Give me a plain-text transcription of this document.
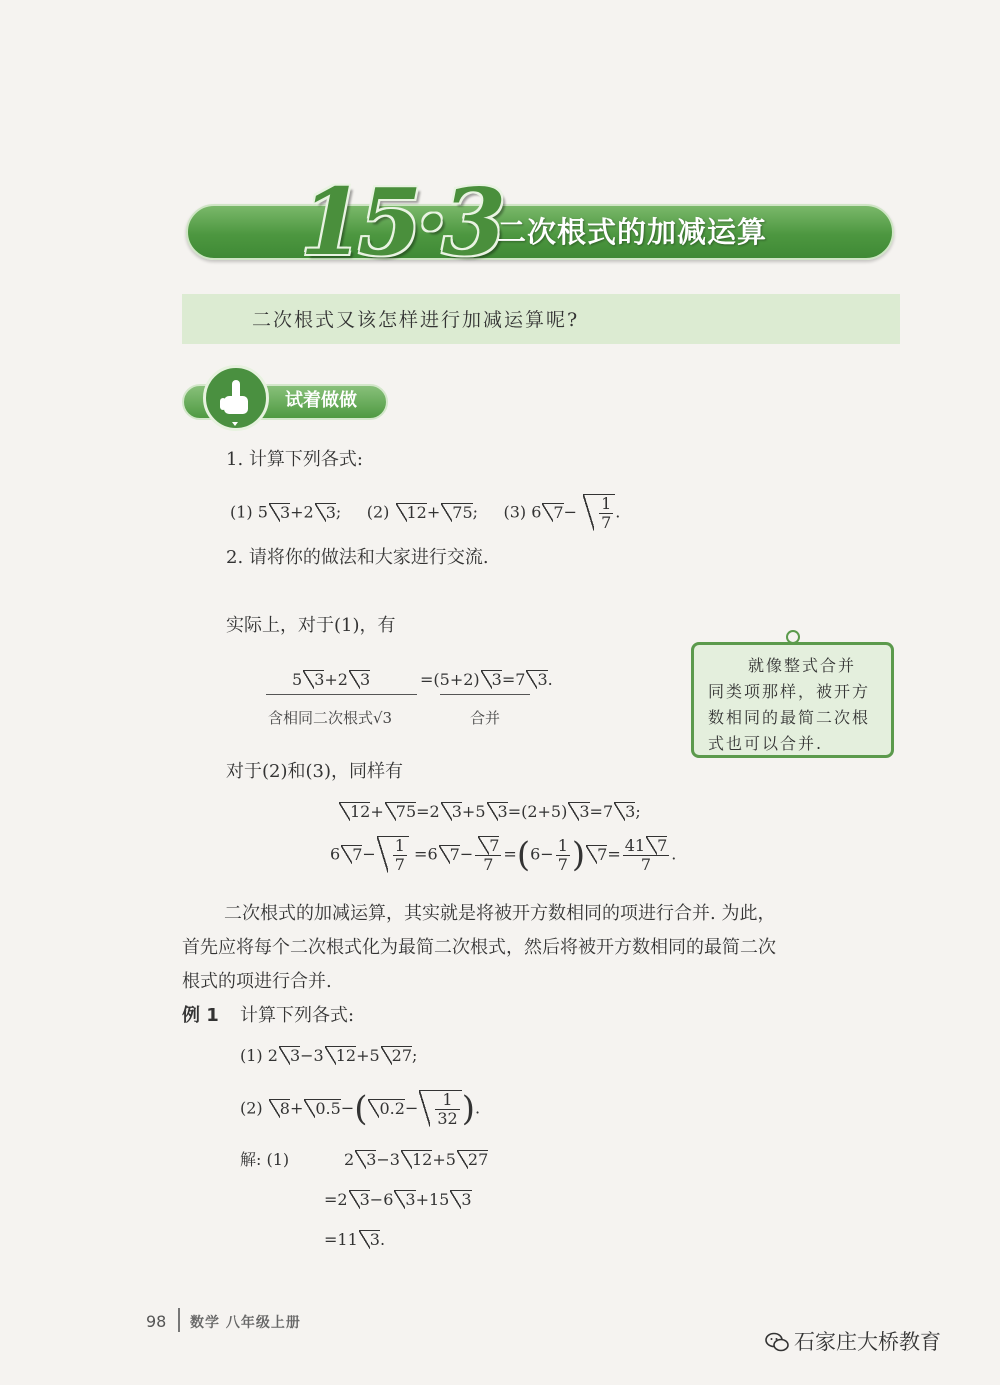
15·3
二次根式的加减运算
二次根式又该怎样进行加减运算呢?
试着做做
1. 计算下列各式:
(1) 5 3+2 3;     (2) 12+ 75;     (3) 6 $7- \frac{1}{7}$ .
2. 请将你的做法和大家进行交流.
实际上，对于(1)，有
5 3+2 3	=(5+2) 3=7 3.
含相同二次根式√3	合并
就像整式合并
同类项那样，被开方
数相同的最简二次根
式也可以合并.
对于(2)和(3)，同样有
12+ 75=2 3+5 3=(2+5) 3=7 3;
6 $7- \frac{1}{7} =6$ $7- \frac{7}{7} =(6- \frac{1}{7}$ ) $7= \frac{41 7}{7}$ .
二次根式的加减运算，其实就是将被开方数相同的项进行合并. 为此，
首先应将每个二次根式化为最简二次根式，然后将被开方数相同的最简二次
根式的项进行合并.
例 1 计算下列各式:
(1) 2 3−3 12+5 27;
(2) 8+ 0.5−( $0.2- \frac{1}{32}$ ).
解: (1)	2 3−3 12+5 27
=2 3−6 3+15 3
=11 3.
98 数学 八年级上册
石家庄大桥教育
